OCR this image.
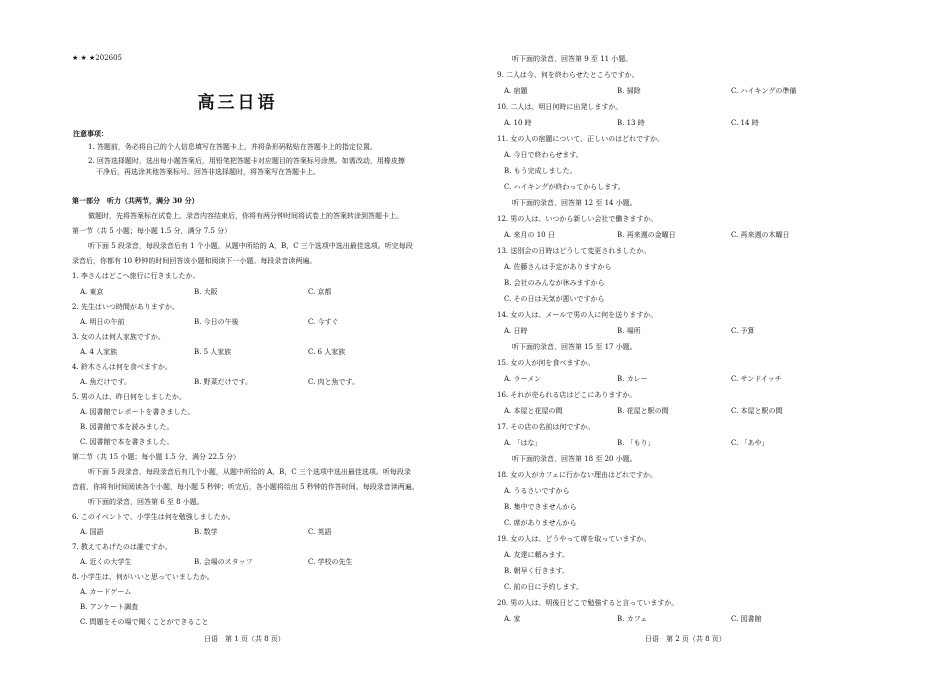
★ ★ ★202605
高三日语
注意事项：
1. 答题前，务必将自己的个人信息填写在答题卡上，并将条形码粘贴在答题卡上的指定位置。
2. 回答选择题时，选出每小题答案后，用铅笔把答题卡对应题目的答案标号涂黑。如需改动，用橡皮擦
干净后，再选涂其他答案标号。回答非选择题时，将答案写在答题卡上。
第一部分　听力（共两节，满分 30 分）
做题时，先将答案标在试卷上。录音内容结束后，你将有两分钟时间将试卷上的答案转涂到答题卡上。
第一节（共 5 小题；每小题 1.5 分，满分 7.5 分）
听下面 5 段录音，每段录音后有 1 个小题，从题中所给的 A，B，C 三个选项中选出最佳选项。听完每段
录音后，你都有 10 秒钟的时间回答该小题和阅读下一小题。每段录音读两遍。
1. 李さんはどこへ旅行に行きましたか。
A. 東京	B. 大阪	C. 京都
2. 先生はいつ時間がありますか。
A. 明日の午前	B. 今日の午後	C. 今すぐ
3. 女の人は何人家族ですか。
A. 4 人家族	B. 5 人家族	C. 6 人家族
4. 鈴木さんは何を食べますか。
A. 魚だけです。	B. 野菜だけです。	C. 肉と魚です。
5. 男の人は、昨日何をしましたか。
A. 図書館でレポートを書きました。
B. 図書館で本を読みました。
C. 図書館で本を書きました。
第二节（共 15 小题；每小题 1.5 分，满分 22.5 分）
听下面 5 段录音，每段录音后有几个小题，从题中所给的 A，B，C 三个选项中选出最佳选项。听每段录
音前，你将有时间阅读各个小题，每小题 5 秒钟；听完后，各小题将给出 5 秒钟的作答时间。每段录音读两遍。
听下面的录音，回答第 6 至 8 小题。
6. このイベントで、小学生は何を勉強しましたか。
A. 国語	B. 数学	C. 英語
7. 教えてあげたのは誰ですか。
A. 近くの大学生	B. 会場のスタッフ	C. 学校の先生
8. 小学生は、何がいいと思っていましたか。
A. カードゲーム
B. アンケート調査
C. 問題をその場で聞くことができること
日语　第 1 页（共 8 页）
听下面的录音，回答第 9 至 11 小题。
9. 二人は今、何を終わらせたところですか。
A. 宿題	B. 掃除	C. ハイキングの準備
10. 二人は、明日何時に出発しますか。
A. 10 時	B. 13 時	C. 14 時
11. 女の人の宿題について、正しいのはどれですか。
A. 今日で終わらせます。
B. もう完成しました。
C. ハイキングが終わってからします。
听下面的录音，回答第 12 至 14 小题。
12. 男の人は、いつから新しい会社で働きますか。
A. 来月の 10 日	B. 再来週の金曜日	C. 再来週の木曜日
13. 送別会の日時はどうして変更されましたか。
A. 佐藤さんは予定がありますから
B. 会社のみんなが休みますから
C. その日は天気が悪いですから
14. 女の人は、メールで男の人に何を送りますか。
A. 日時	B. 場所	C. 予算
听下面的录音，回答第 15 至 17 小题。
15. 女の人が何を食べますか。
A. ラーメン	B. カレー	C. サンドイッチ
16. それが売られる店はどこにありますか。
A. 本屋と花屋の間	B. 花屋と駅の間	C. 本屋と駅の間
17. その店の名前は何ですか。
A. 「はな」	B. 「もり」	C. 「あや」
听下面的录音，回答第 18 至 20 小题。
18. 女の人がカフェに行かない理由はどれですか。
A. うるさいですから
B. 集中できませんから
C. 席がありませんから
19. 女の人は、どうやって席を取っていますか。
A. 友達に頼みます。
B. 朝早く行きます。
C. 前の日に予約します。
20. 男の人は、明後日どこで勉強すると言っていますか。
A. 家	B. カフェ	C. 図書館
日语　第 2 页（共 8 页）
